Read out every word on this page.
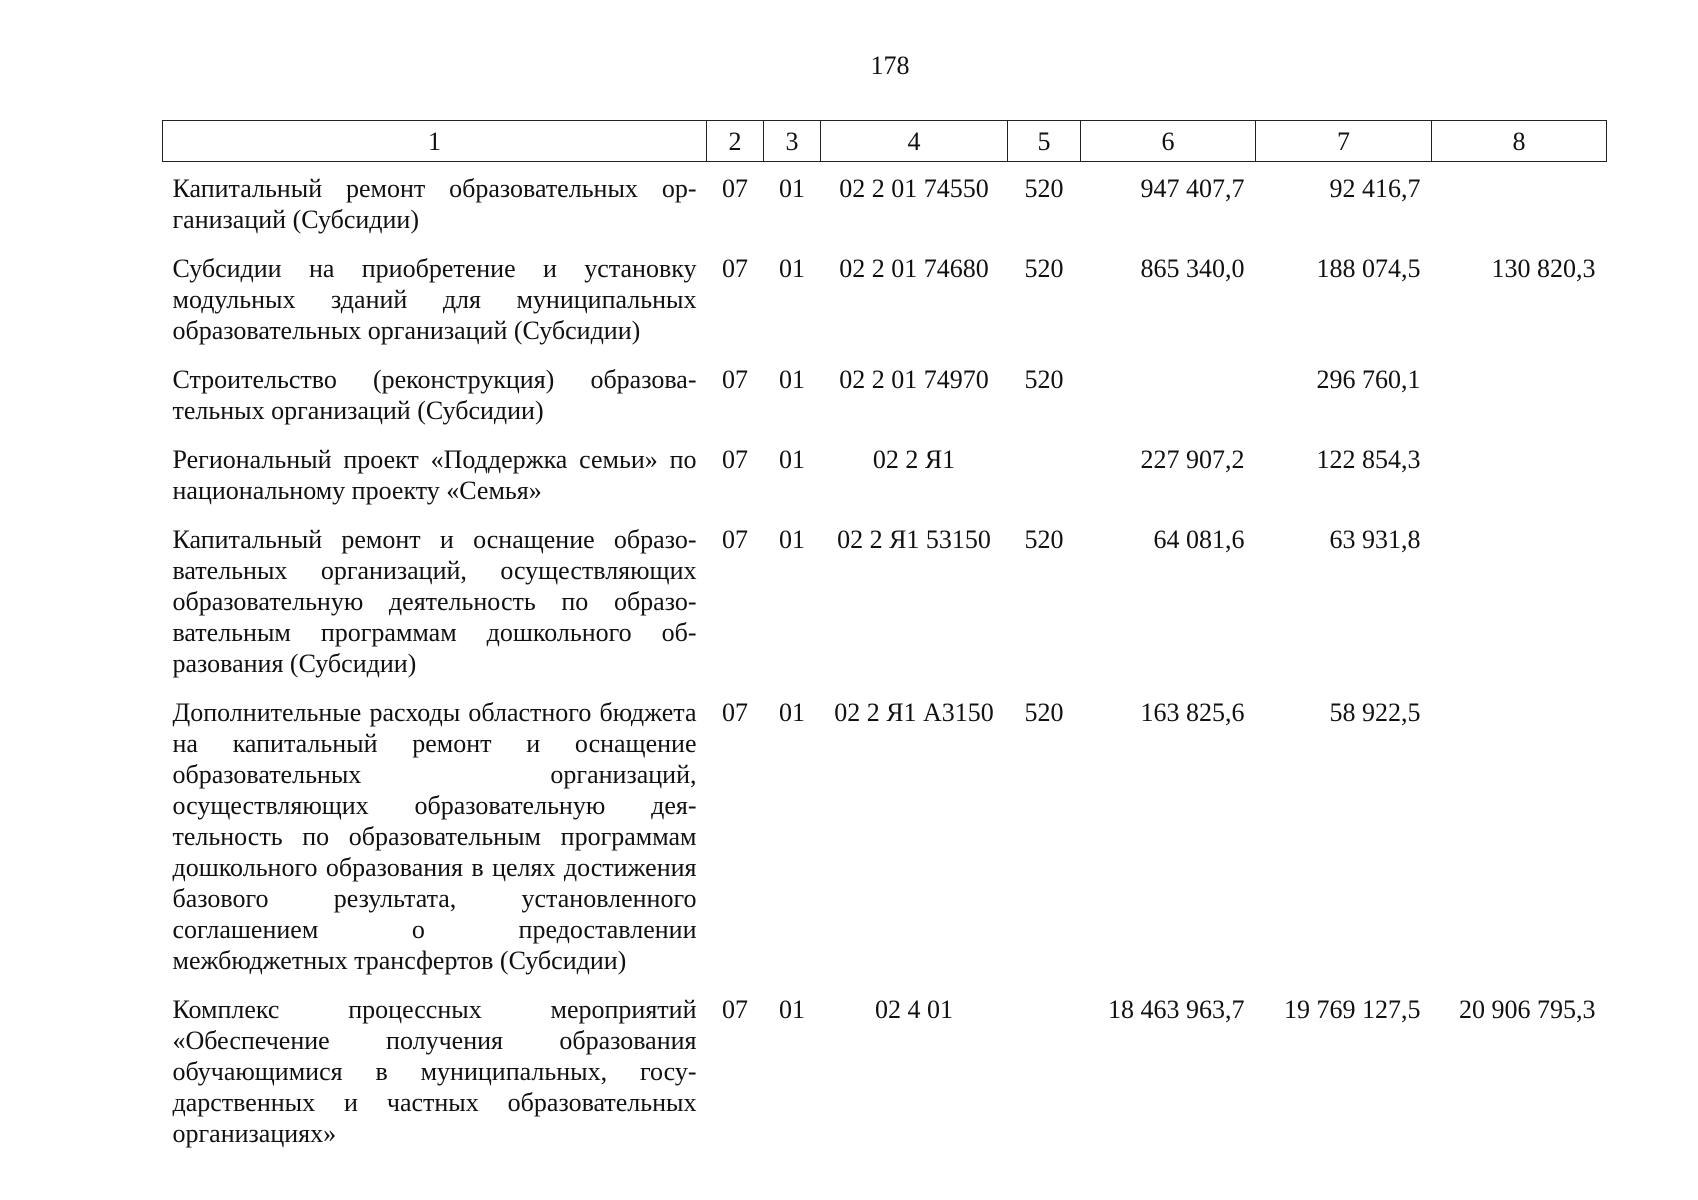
178
1	2	3	4	5	6	7	8
Капитальный ремонт образовательных организаций (Субсидии)	07	01	02 2 01 74550	520	947 407,7	92 416,7	
Субсидии на приобретение и установку модульных зданий для муниципальных образовательных организаций (Субсидии)	07	01	02 2 01 74680	520	865 340,0	188 074,5	130 820,3
Строительство (реконструкция) образовательных организаций (Субсидии)	07	01	02 2 01 74970	520		296 760,1	
Региональный проект «Поддержка семьи» по национальному проекту «Семья»	07	01	02 2 Я1		227 907,2	122 854,3	
Капитальный ремонт и оснащение образовательных организаций, осуществляющих образовательную деятельность по образовательным программам дошкольного образования (Субсидии)	07	01	02 2 Я1 53150	520	64 081,6	63 931,8	
Дополнительные расходы областного бюджета на капитальный ремонт и оснащение образовательных организаций, осуществляющих образовательную деятельность по образовательным программам дошкольного образования в целях достижения базового результата, установленного соглашением о предоставлении межбюджетных трансфертов (Субсидии)	07	01	02 2 Я1 А3150	520	163 825,6	58 922,5	
Комплекс процессных мероприятий «Обеспечение получения образования обучающимися в муниципальных, государственных и частных образовательных организациях»	07	01	02 4 01		18 463 963,7	19 769 127,5	20 906 795,3
